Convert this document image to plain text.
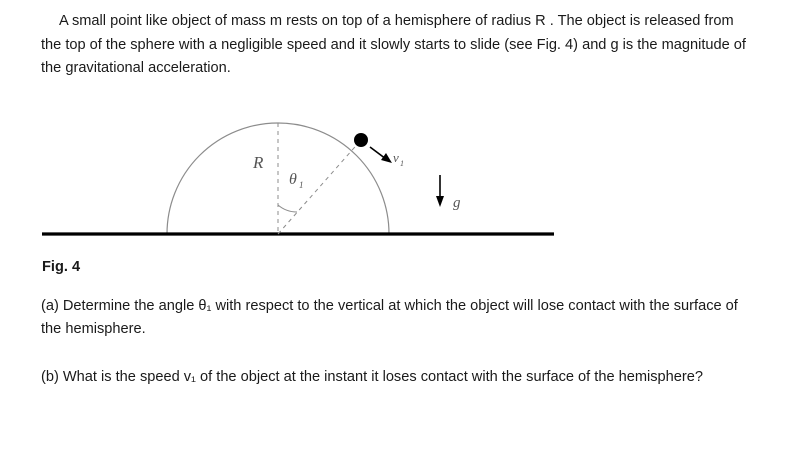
A small point like object of mass m rests on top of a hemisphere of radius R . The object is released from the top of the sphere with a negligible speed and it slowly starts to slide (see Fig. 4) and g is the magnitude of the gravitational acceleration.

R
θ 1
v 1
g

Fig. 4

(a) Determine the angle θ₁ with respect to the vertical at which the object will lose contact with the surface of the hemisphere.

(b) What is the speed v₁ of the object at the instant it loses contact with the surface of the hemisphere?
